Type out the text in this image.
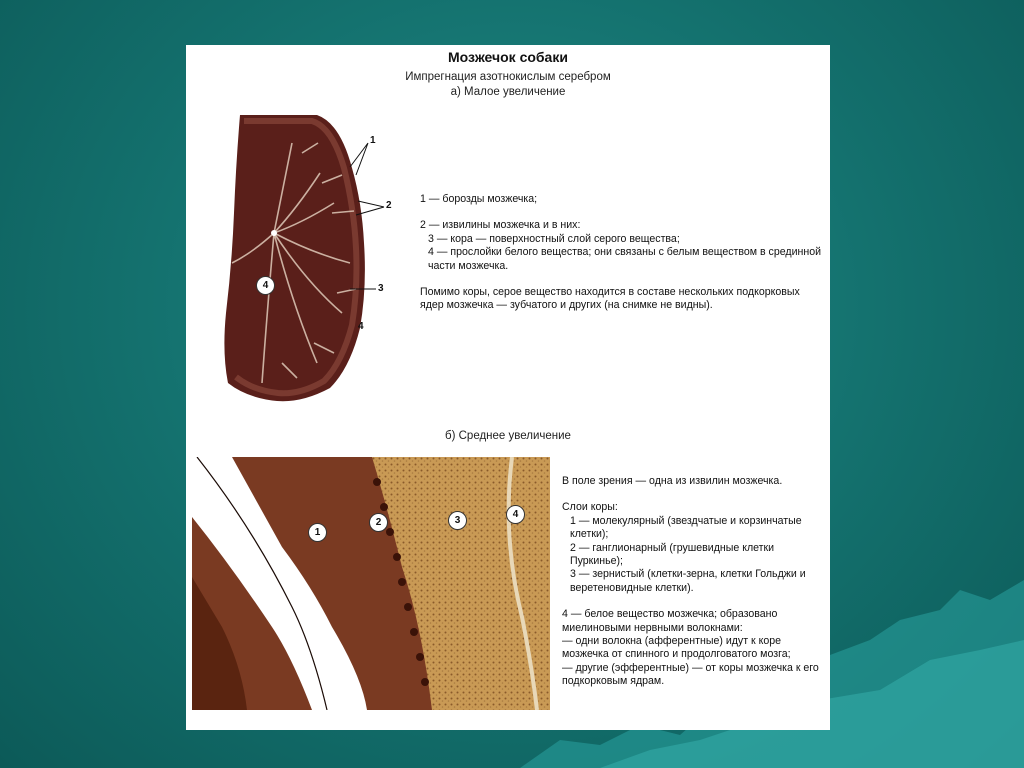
Мозжечок собаки
Импрегнация азотнокислым серебром
а) Малое увеличение
4
1
2
3
4

1 — борозды мозжечка;

2 — извилины мозжечка и в них:

3 — кора — поверхностный слой серого вещества;

4 — прослойки белого вещества; они связаны с белым веществом в срединной части мозжечка.

Помимо коры, серое вещество находится в составе нескольких подкорковых ядер мозжечка — зубчатого и других (на снимке не видны).

б) Среднее увеличение
1
2	3
4

В поле зрения — одна из извилин мозжечка.

Слои коры:

1 — молекулярный (звездчатые и корзинчатые клетки);

2 — ганглионарный (грушевидные клетки Пуркинье);

3 — зернистый (клетки-зерна, клетки Гольджи и веретеновидные клетки).

4 — белое вещество мозжечка; образовано миелиновыми нервными волокнами:

— одни волокна (афферентные) идут к коре мозжечка от спинного и продолговатого мозга;

— другие (эфферентные) — от коры мозжечка к его подкорковым ядрам.
